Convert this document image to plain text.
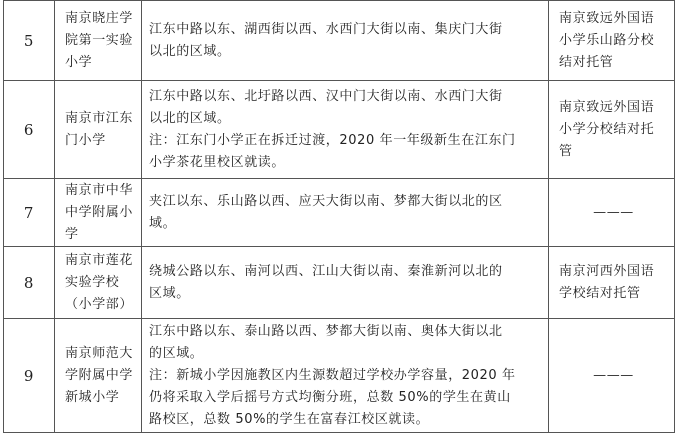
5	南京晓庄学
院第一实验
小学	江东中路以东、湖西街以西、水西门大街以南、集庆门大街
以北的区域。	南京致远外国语
小学乐山路分校
结对托管

6	南京市江东
门小学	江东中路以东、北圩路以西、汉中门大街以南、水西门大街
以北的区域。
注：江东门小学正在拆迁过渡，2020 年一年级新生在江东门
小学茶花里校区就读。	南京致远外国语
小学分校结对托
管

7	南京市中华
中学附属小
学	夹江以东、乐山路以西、应天大街以南、梦都大街以北的区
域。	———

8	南京市莲花
实验学校
（小学部）	绕城公路以东、南河以西、江山大街以南、秦淮新河以北的
区域。	南京河西外国语
学校结对托管

9	南京师范大
学附属中学
新城小学	江东中路以东、泰山路以西、梦都大街以南、奥体大街以北
的区域。
注：新城小学因施教区内生源数超过学校办学容量，2020 年
仍将采取入学后摇号方式均衡分班，总数 50%的学生在黄山
路校区，总数 50%的学生在富春江校区就读。	———
